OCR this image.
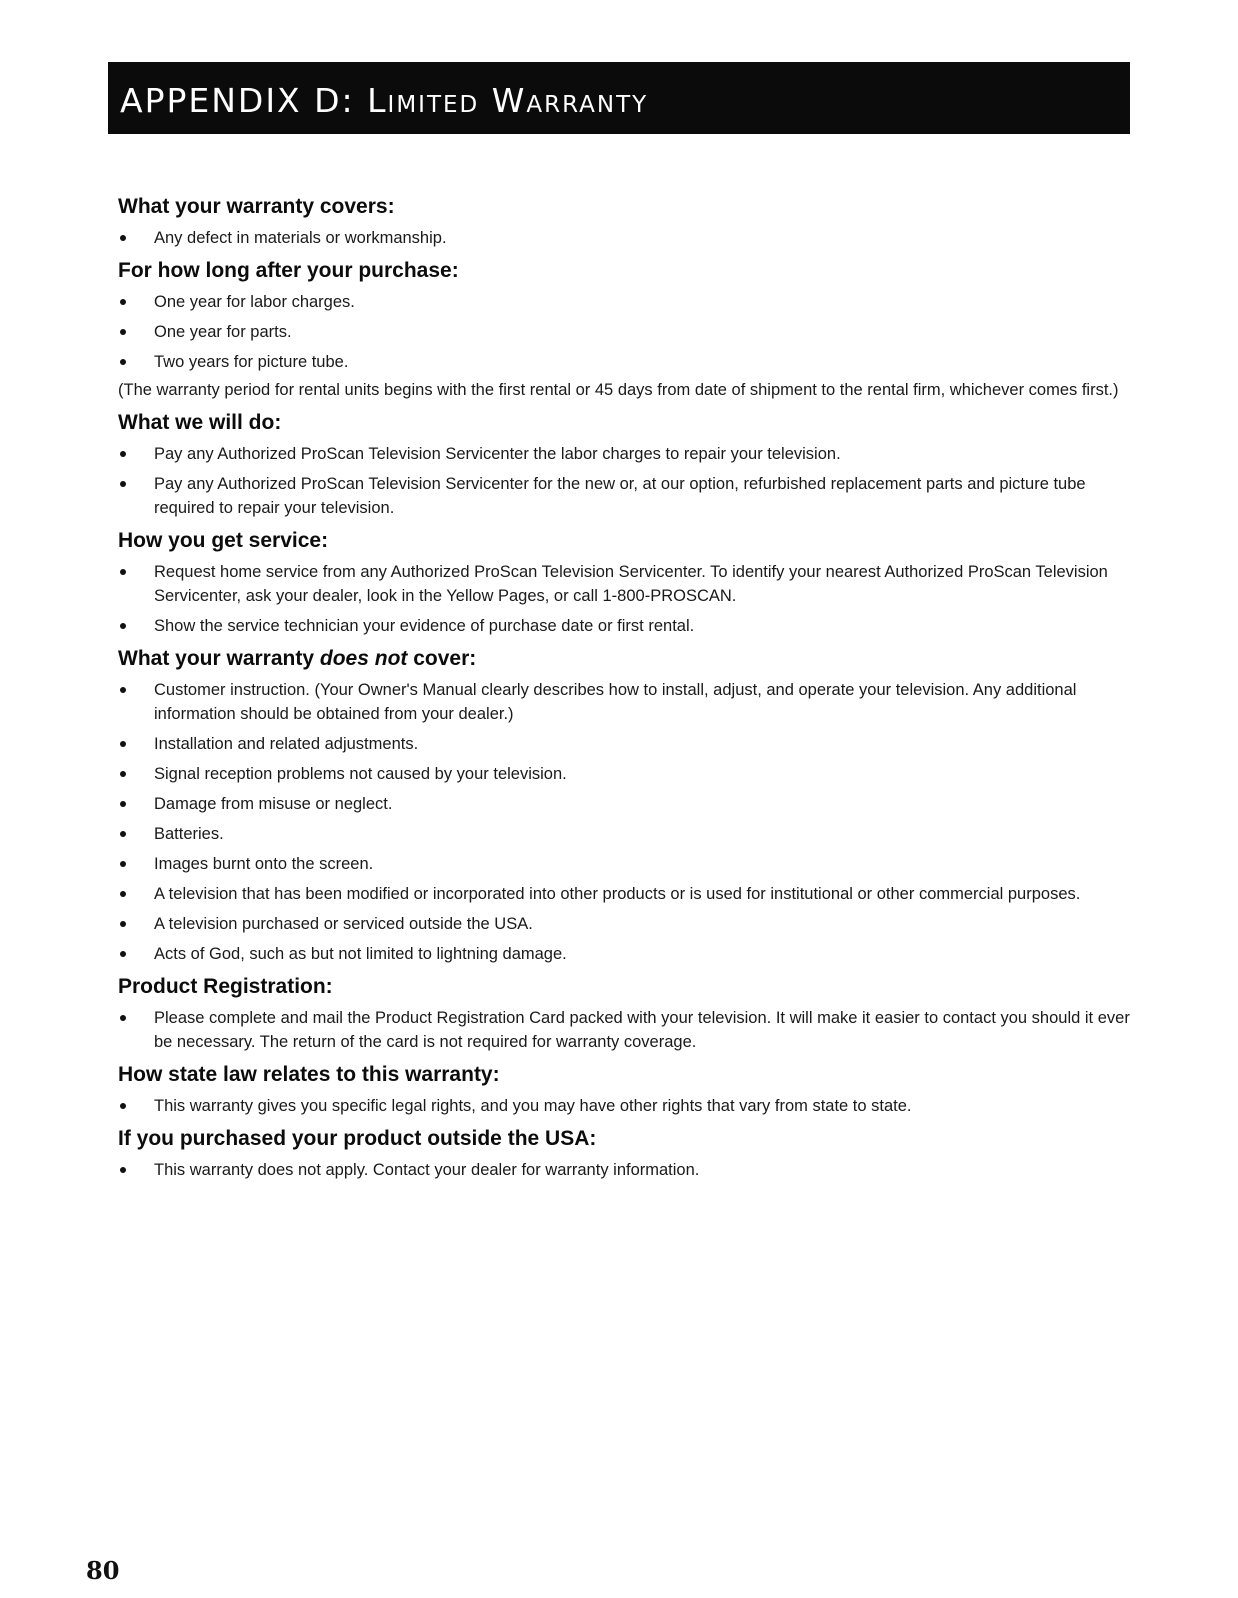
APPENDIX D: Limited Warranty
What your warranty covers:
Any defect in materials or workmanship.
For how long after your purchase:
One year for labor charges.
One year for parts.
Two years for picture tube.
(The warranty period for rental units begins with the first rental or 45 days from date of shipment to the rental firm, whichever comes first.)
What we will do:
Pay any Authorized ProScan Television Servicenter the labor charges to repair your television.
Pay any Authorized ProScan Television Servicenter for the new or, at our option, refurbished replacement parts and picture tube required to repair your television.
How you get service:
Request home service from any Authorized ProScan Television Servicenter. To identify your nearest Authorized ProScan Television Servicenter, ask your dealer, look in the Yellow Pages, or call 1-800-PROSCAN.
Show the service technician your evidence of purchase date or first rental.
What your warranty does not cover:
Customer instruction. (Your Owner's Manual clearly describes how to install, adjust, and operate your television. Any additional information should be obtained from your dealer.)
Installation and related adjustments.
Signal reception problems not caused by your television.
Damage from misuse or neglect.
Batteries.
Images burnt onto the screen.
A television that has been modified or incorporated into other products or is used for institutional or other commercial purposes.
A television purchased or serviced outside the USA.
Acts of God, such as but not limited to lightning damage.
Product Registration:
Please complete and mail the Product Registration Card packed with your television. It will make it easier to contact you should it ever be necessary. The return of the card is not required for warranty coverage.
How state law relates to this warranty:
This warranty gives you specific legal rights, and you may have other rights that vary from state to state.
If you purchased your product outside the USA:
This warranty does not apply. Contact your dealer for warranty information.
80
